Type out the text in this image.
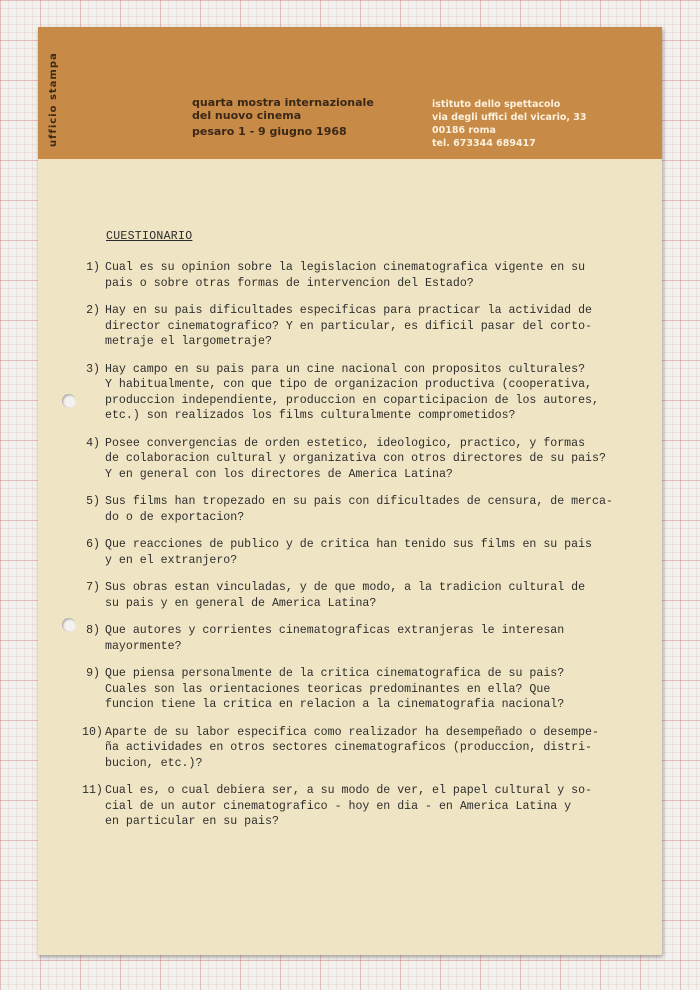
ufficio stampa	quarta mostra internazionale
del nuovo cinema
pesaro 1 - 9 giugno 1968
istituto dello spettacolo
via degli uffici del vicario, 33
00186 roma
tel. 673344 689417
CUESTIONARIO
1) Cual es su opinion sobre la legislacion cinematografica vigente en su
pais o sobre otras formas de intervencion del Estado?
2) Hay en su pais dificultades especificas para practicar la actividad de
director cinematografico? Y en particular, es dificil pasar del corto-
metraje el largometraje?
3) Hay campo en su pais para un cine nacional con propositos culturales?
Y habitualmente, con que tipo de organizacion productiva (cooperativa,
produccion independiente, produccion en coparticipacion de los autores,
etc.) son realizados los films culturalmente comprometidos?
4) Posee convergencias de orden estetico, ideologico, practico, y formas
de colaboracion cultural y organizativa con otros directores de su pais?
Y en general con los directores de America Latina?
5) Sus films han tropezado en su pais con dificultades de censura, de merca-
do o de exportacion?
6) Que reacciones de publico y de critica han tenido sus films en su pais
y en el extranjero?
7) Sus obras estan vinculadas, y de que modo, a la tradicion cultural de
su pais y en general de America Latina?
8) Que autores y corrientes cinematograficas extranjeras le interesan
mayormente?
9) Que piensa personalmente de la critica cinematografica de su pais?
Cuales son las orientaciones teoricas predominantes en ella? Que
funcion tiene la critica en relacion a la cinematografia nacional?
10) Aparte de su labor especifica como realizador ha desempeñado o desempe-
ña actividades en otros sectores cinematograficos (produccion, distri-
bucion, etc.)?
11) Cual es, o cual debiera ser, a su modo de ver, el papel cultural y so-
cial de un autor cinematografico - hoy en dia - en America Latina y
en particular en su pais?
